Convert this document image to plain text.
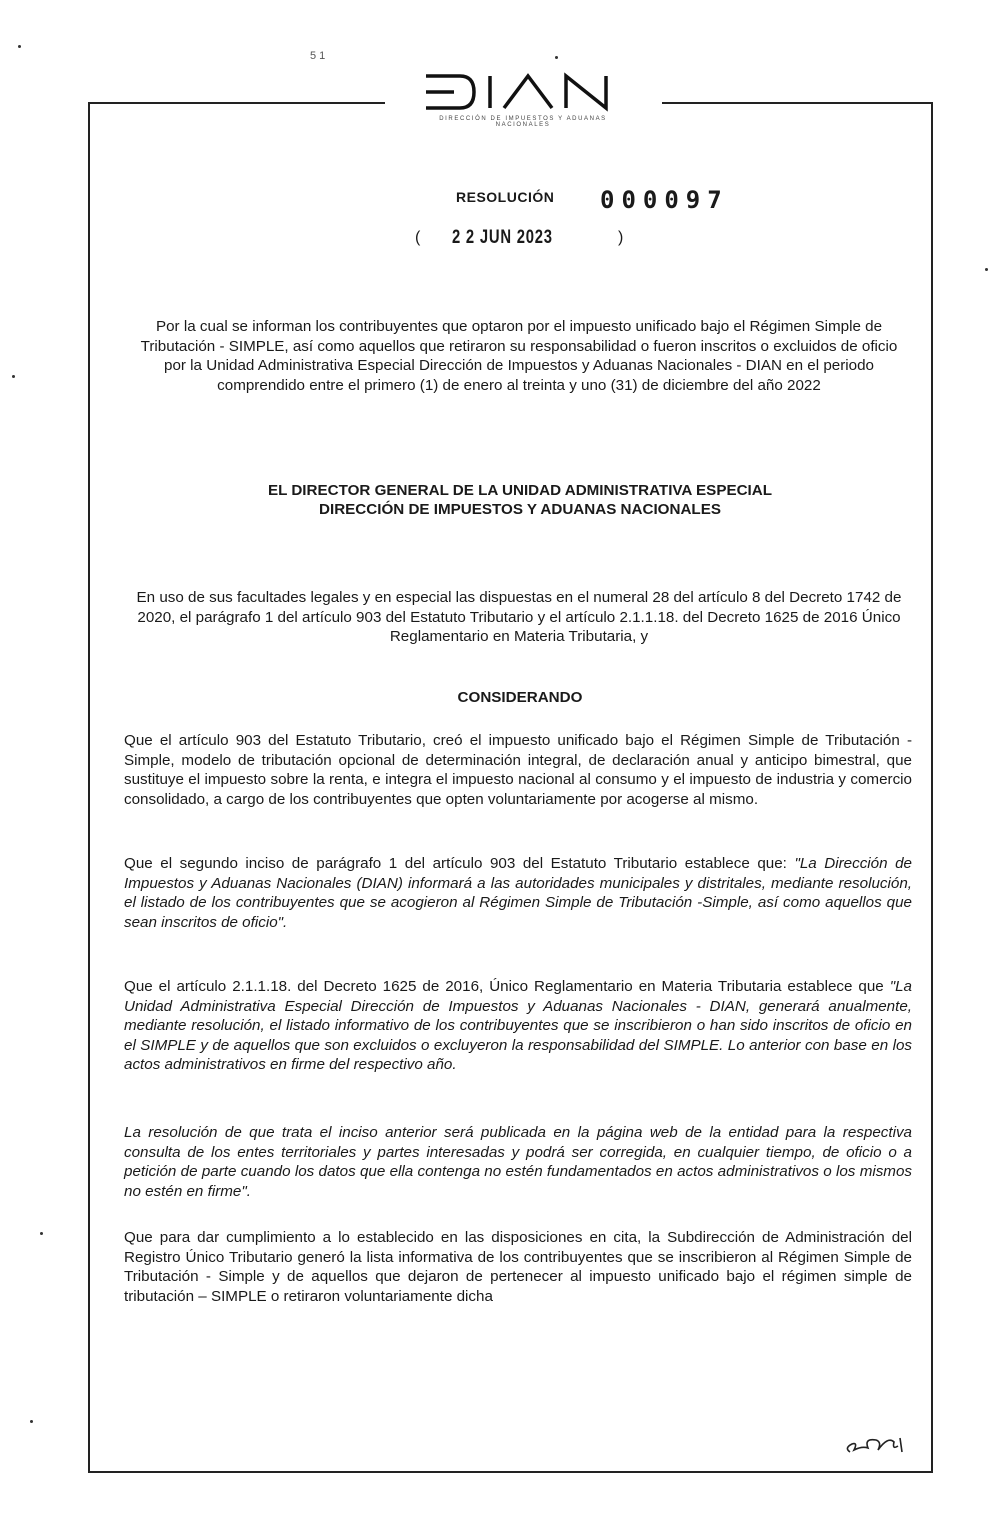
51
DIRECCIÓN DE IMPUESTOS Y ADUANAS NACIONALES
RESOLUCIÓN 000097
( 2 2 JUN 2023	)
Por la cual se informan los contribuyentes que optaron por el impuesto unificado bajo el Régimen Simple de Tributación - SIMPLE, así como aquellos que retiraron su responsabilidad o fueron inscritos o excluidos de oficio por la Unidad Administrativa Especial Dirección de Impuestos y Aduanas Nacionales - DIAN en el periodo comprendido entre el primero (1) de enero al treinta y uno (31) de diciembre del año 2022
EL DIRECTOR GENERAL DE LA UNIDAD ADMINISTRATIVA ESPECIAL
DIRECCIÓN DE IMPUESTOS Y ADUANAS NACIONALES
En uso de sus facultades legales y en especial las dispuestas en el numeral 28 del artículo 8 del Decreto 1742 de 2020, el parágrafo 1 del artículo 903 del Estatuto Tributario y el artículo 2.1.1.18. del Decreto 1625 de 2016 Único Reglamentario en Materia Tributaria, y
CONSIDERANDO
Que el artículo 903 del Estatuto Tributario, creó el impuesto unificado bajo el Régimen Simple de Tributación - Simple, modelo de tributación opcional de determinación integral, de declaración anual y anticipo bimestral, que sustituye el impuesto sobre la renta, e integra el impuesto nacional al consumo y el impuesto de industria y comercio consolidado, a cargo de los contribuyentes que opten voluntariamente por acogerse al mismo.
Que el segundo inciso de parágrafo 1 del artículo 903 del Estatuto Tributario establece que: "La Dirección de Impuestos y Aduanas Nacionales (DIAN) informará a las autoridades municipales y distritales, mediante resolución, el listado de los contribuyentes que se acogieron al Régimen Simple de Tributación -Simple, así como aquellos que sean inscritos de oficio".
Que el artículo 2.1.1.18. del Decreto 1625 de 2016, Único Reglamentario en Materia Tributaria establece que "La Unidad Administrativa Especial Dirección de Impuestos y Aduanas Nacionales - DIAN, generará anualmente, mediante resolución, el listado informativo de los contribuyentes que se inscribieron o han sido inscritos de oficio en el SIMPLE y de aquellos que son excluidos o excluyeron la responsabilidad del SIMPLE. Lo anterior con base en los actos administrativos en firme del respectivo año.
La resolución de que trata el inciso anterior será publicada en la página web de la entidad para la respectiva consulta de los entes territoriales y partes interesadas y podrá ser corregida, en cualquier tiempo, de oficio o a petición de parte cuando los datos que ella contenga no estén fundamentados en actos administrativos o los mismos no estén en firme".
Que para dar cumplimiento a lo establecido en las disposiciones en cita, la Subdirección de Administración del Registro Único Tributario generó la lista informativa de los contribuyentes que se inscribieron al Régimen Simple de Tributación - Simple y de aquellos que dejaron de pertenecer al impuesto unificado bajo el régimen simple de tributación – SIMPLE o retiraron voluntariamente dicha
